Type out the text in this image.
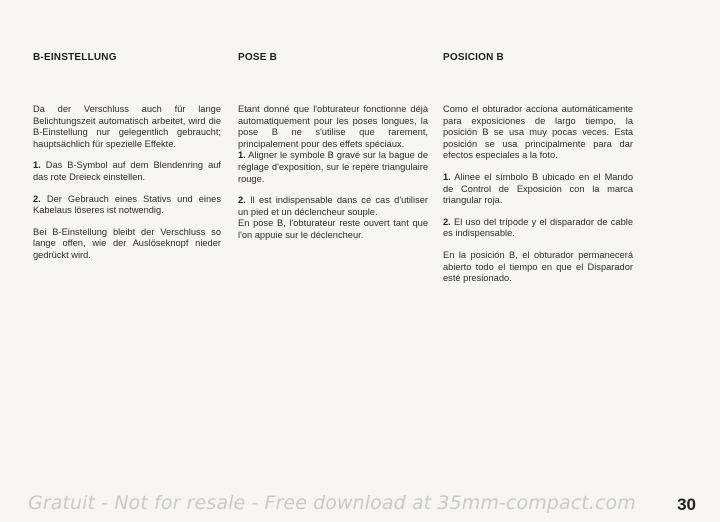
B-EINSTELLUNG

Da der Verschluss auch für lange Belichtungszeit automatisch arbeitet, wird die B-Einstellung nur gelegentlich gebraucht; hauptsächlich für spezielle Effekte.

1. Das B-Symbol auf dem Blendenring auf das rote Dreieck einstellen.

2. Der Gebrauch eines Stativs und eines Kabelaus löseres ist notwendig.

Bei B-Einstellung bleibt der Verschluss so lange offen, wie der Auslöseknopf nieder gedrückt wird.

POSE B

Etant donné que l'obturateur fonctionne déjà automatiquement pour les poses longues, la pose B ne s'utilise que rarement, principalement pour des effets spéciaux.

1. Aligner le symbole B gravé sur la bague de réglage d'exposition, sur le repère triangulaire rouge.

2. Il est indispensable dans ce cas d'utiliser un pied et un déclencheur souple.

En pose B, l'obturateur reste ouvert tant que l'on appuie sur le déclencheur.

POSICION B

Como el obturador acciona automáticamente para exposiciones de largo tiempo, la posición B se usa muy pocas veces. Esta posición se usa principalmente para dar efectos especiales a la foto.

1. Alinee el símbolo B ubicado en el Mando de Control de Exposición con la marca triangular roja.

2. El uso del trípode y el disparador de cable es indispensable.

En la posición B, el obturador permanecerá abierto todo el tiempo en que el Disparador esté presionado.

Gratuit - Not for resale - Free download at 35mm-compact.com 30
